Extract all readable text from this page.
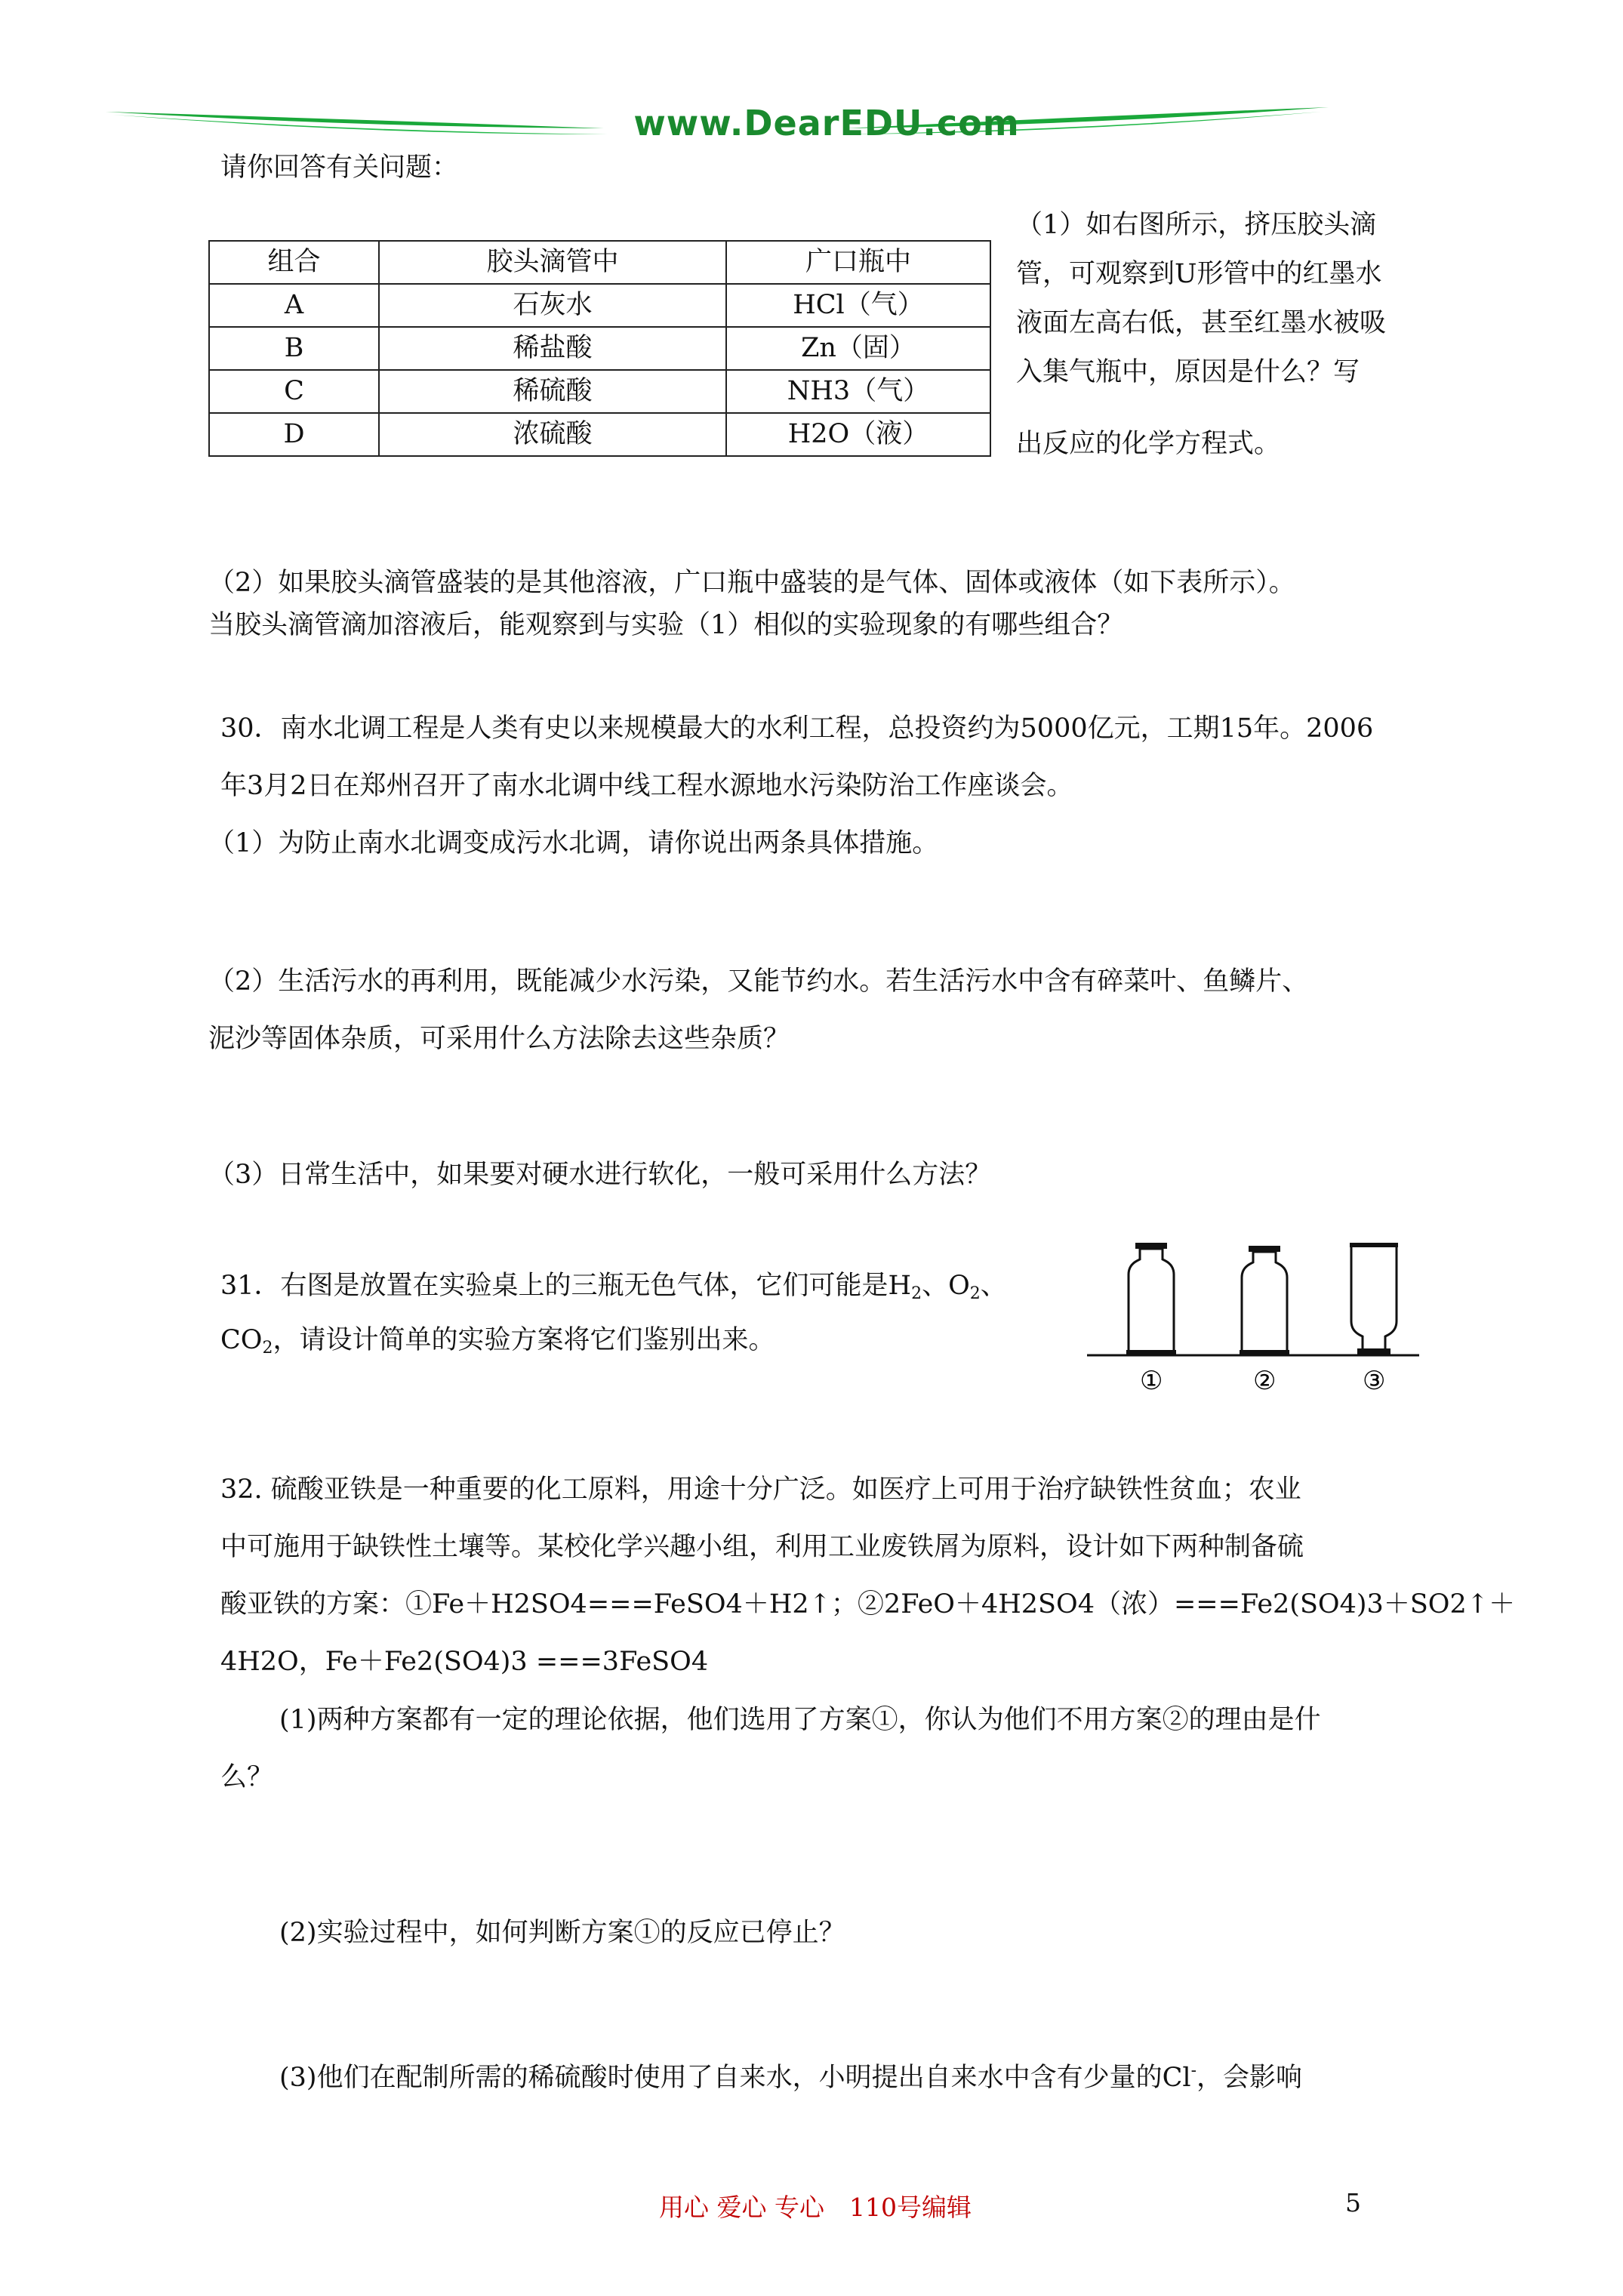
www.DearEDU.com
请你回答有关问题：
组合	胶头滴管中	广口瓶中
A	石灰水	HCl（气）
B	稀盐酸	Zn（固）
C	稀硫酸	NH3（气）
D	浓硫酸	H2O（液）
（1）如右图所示，挤压胶头滴
管，可观察到U形管中的红墨水
液面左高右低，甚至红墨水被吸
入集气瓶中，原因是什么？写
出反应的化学方程式。
（2）如果胶头滴管盛装的是其他溶液，广口瓶中盛装的是气体、固体或液体（如下表所示）。
当胶头滴管滴加溶液后，能观察到与实验（1）相似的实验现象的有哪些组合？
30．南水北调工程是人类有史以来规模最大的水利工程，总投资约为5000亿元，工期15年。2006
年3月2日在郑州召开了南水北调中线工程水源地水污染防治工作座谈会。
（1）为防止南水北调变成污水北调，请你说出两条具体措施。
（2）生活污水的再利用，既能减少水污染，又能节约水。若生活污水中含有碎菜叶、鱼鳞片、
泥沙等固体杂质，可采用什么方法除去这些杂质？
（3）日常生活中，如果要对硬水进行软化，一般可采用什么方法？
31．右图是放置在实验桌上的三瓶无色气体，它们可能是$H_2$、$O_2$、
$CO_2$，请设计简单的实验方案将它们鉴别出来。
①	②	③
32. 硫酸亚铁是一种重要的化工原料，用途十分广泛。如医疗上可用于治疗缺铁性贫血；农业
中可施用于缺铁性土壤等。某校化学兴趣小组，利用工业废铁屑为原料，设计如下两种制备硫
酸亚铁的方案：①Fe＋H2SO4===FeSO4＋H2↑；②2FeO＋4H2SO4（浓）===Fe2(SO4)3＋SO2↑＋
4H2O，Fe＋Fe2(SO4)3 ===3FeSO4
(1)两种方案都有一定的理论依据，他们选用了方案①，你认为他们不用方案②的理由是什
么？
(2)实验过程中，如何判断方案①的反应已停止？
(3)他们在配制所需的稀硫酸时使用了自来水，小明提出自来水中含有少量的Cl-，会影响
用心 爱心 专心　110号编辑	5
